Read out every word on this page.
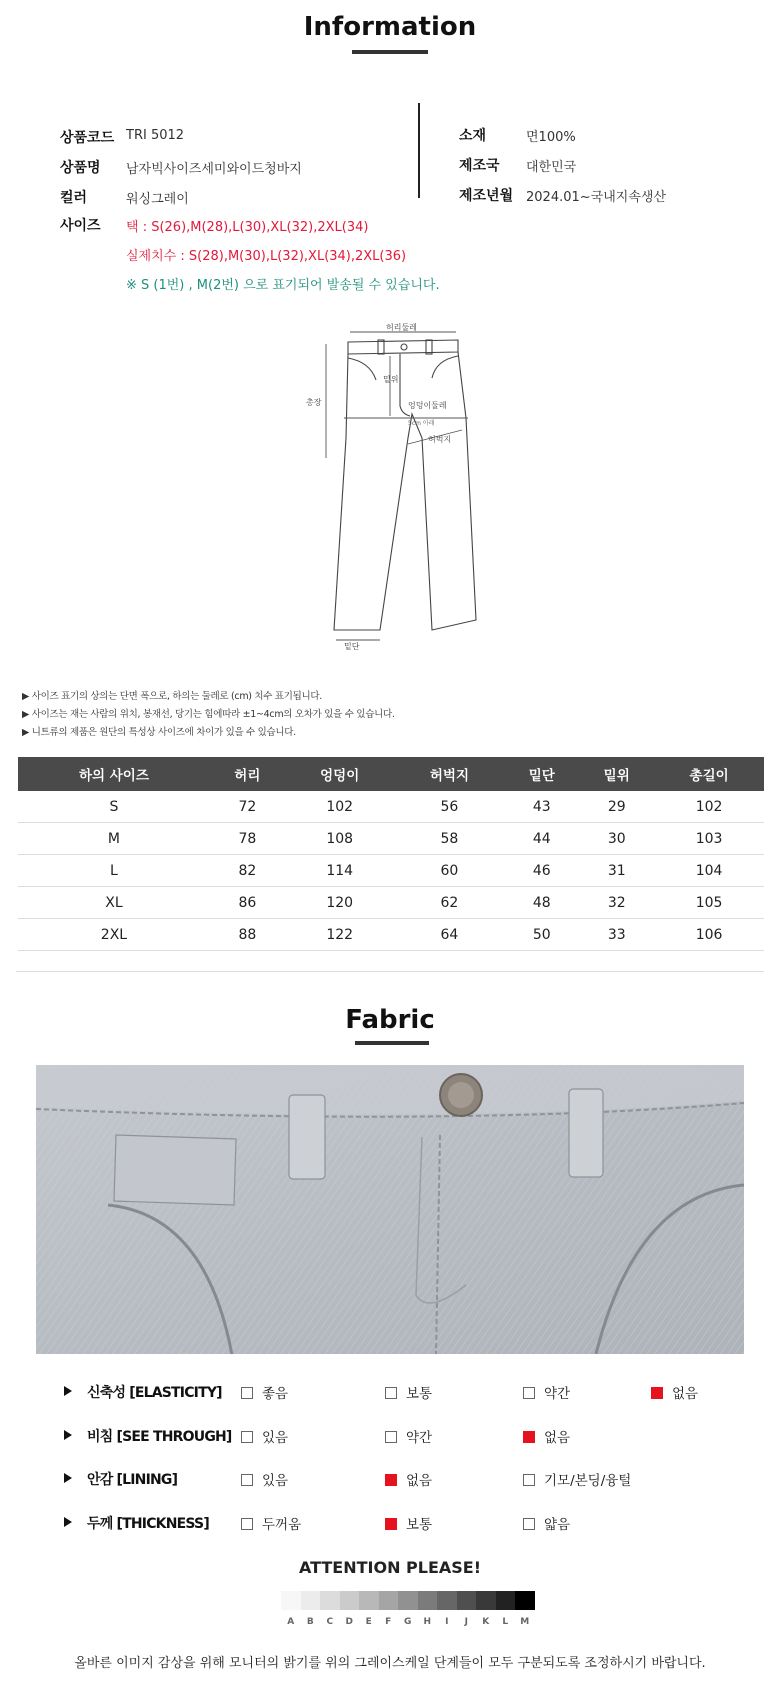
Information
상품코드 TRI 5012
상품명 남자빅사이즈세미와이드청바지
컬러	워싱그레이
사이즈 택 : S(26),M(28),L(30),XL(32),2XL(34)
실제치수 : S(28),M(30),L(32),XL(34),2XL(36)
※ S (1번) , M(2번) 으로 표기되어 발송될 수 있습니다.
소재	면100%
제조국 대한민국
제조년월 2024.01~국내지속생산
허리둘레
총장
밑위
엉덩이둘레
5cm 아래
허벅지
밑단
▶ 사이즈 표기의 상의는 단면 폭으로, 하의는 둘레로 (cm) 치수 표기됩니다.
▶ 사이즈는 재는 사람의 위치, 봉재선, 당기는 힘에따라 ±1~4cm의 오차가 있을 수 있습니다.
▶ 니트류의 제품은 원단의 특성상 사이즈에 차이가 있을 수 있습니다.
하의 사이즈	허리	엉덩이	허벅지	밑단	밑위	총길이
S	72	102	56	43	29	102
M	78	108	58	44	30	103
L	82	114	60	46	31	104
XL	86	120	62	48	32	105
2XL	88	122	64	50	33	106
Fabric
신축성 [ELASTICITY]	좋음	보통	약간	없음
비침 [SEE THROUGH]	있음	약간	없음
안감 [LINING]	있음	없음	기모/본딩/융털
두께 [THICKNESS]	두꺼움	보통	얇음
ATTENTION PLEASE!
A	B	C	D	E	F	G	H	I	J	K	L	M
올바른 이미지 감상을 위해 모니터의 밝기를 위의 그레이스케일 단계들이 모두 구분되도록 조정하시기 바랍니다.
